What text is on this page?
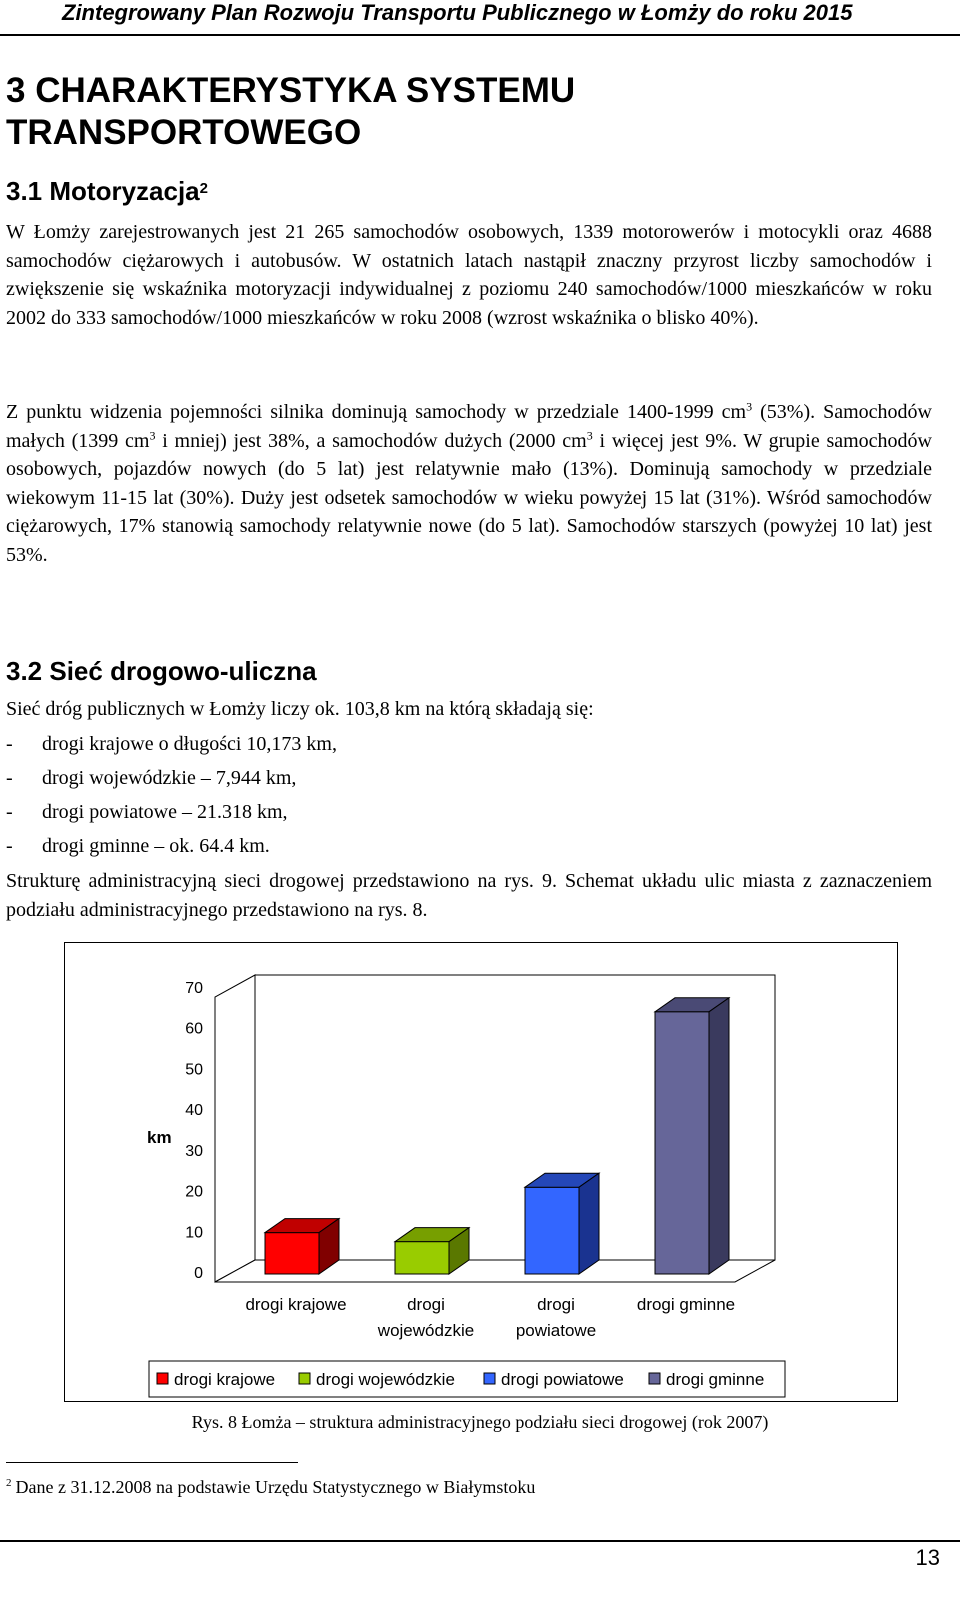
Zintegrowany Plan Rozwoju Transportu Publicznego w Łomży do roku 2015
3 CHARAKTERYSTYKA SYSTEMU
TRANSPORTOWEGO
3.1 Motoryzacja$^2$

W Łomży zarejestrowanych jest 21 265 samochodów osobowych, 1339 motorowerów i motocykli oraz 4688 samochodów ciężarowych i autobusów. W ostatnich latach nastąpił znaczny przyrost liczby samochodów i zwiększenie się wskaźnika motoryzacji indywidualnej z poziomu 240 samochodów/1000 mieszkańców w roku 2002 do 333 samochodów/1000 mieszkańców w roku 2008 (wzrost wskaźnika o blisko 40%).

Z punktu widzenia pojemności silnika dominują samochody w przedziale 1400-1999 $cm^3$ (53%). Samochodów małych (1399 $cm^3$ i mniej) jest 38%, a samochodów dużych (2000 $cm^3$ i więcej jest 9%. W grupie samochodów osobowych, pojazdów nowych (do 5 lat) jest relatywnie mało (13%). Dominują samochody w przedziale wiekowym 11-15 lat (30%). Duży jest odsetek samochodów w wieku powyżej 15 lat (31%). Wśród samochodów ciężarowych, 17% stanowią samochody relatywnie nowe (do 5 lat). Samochodów starszych (powyżej 10 lat) jest 53%.

3.2 Sieć drogowo-uliczna

Sieć dróg publicznych w Łomży liczy ok. 103,8 km na którą składają się:

- drogi krajowe o długości 10,173 km,
- drogi wojewódzkie – 7,944 km,
- drogi powiatowe – 21.318 km,
- drogi gminne – ok. 64.4 km.

Strukturę administracyjną sieci drogowej przedstawiono na rys. 9. Schemat układu ulic miasta z zaznaczeniem podziału administracyjnego przedstawiono na rys. 8.

0
10
20
30
40
50
60
70
km
drogi krajowe	drogi
wojewódzkie
drogi
powiatowe
drogi gminne
drogi krajowe drogi wojewódzkie	drogi powiatowe drogi gminne
Rys. 8 Łomża – struktura administracyjnego podziału sieci drogowej (rok 2007)
$^2$ Dane z 31.12.2008 na podstawie Urzędu Statystycznego w Białymstoku
13
